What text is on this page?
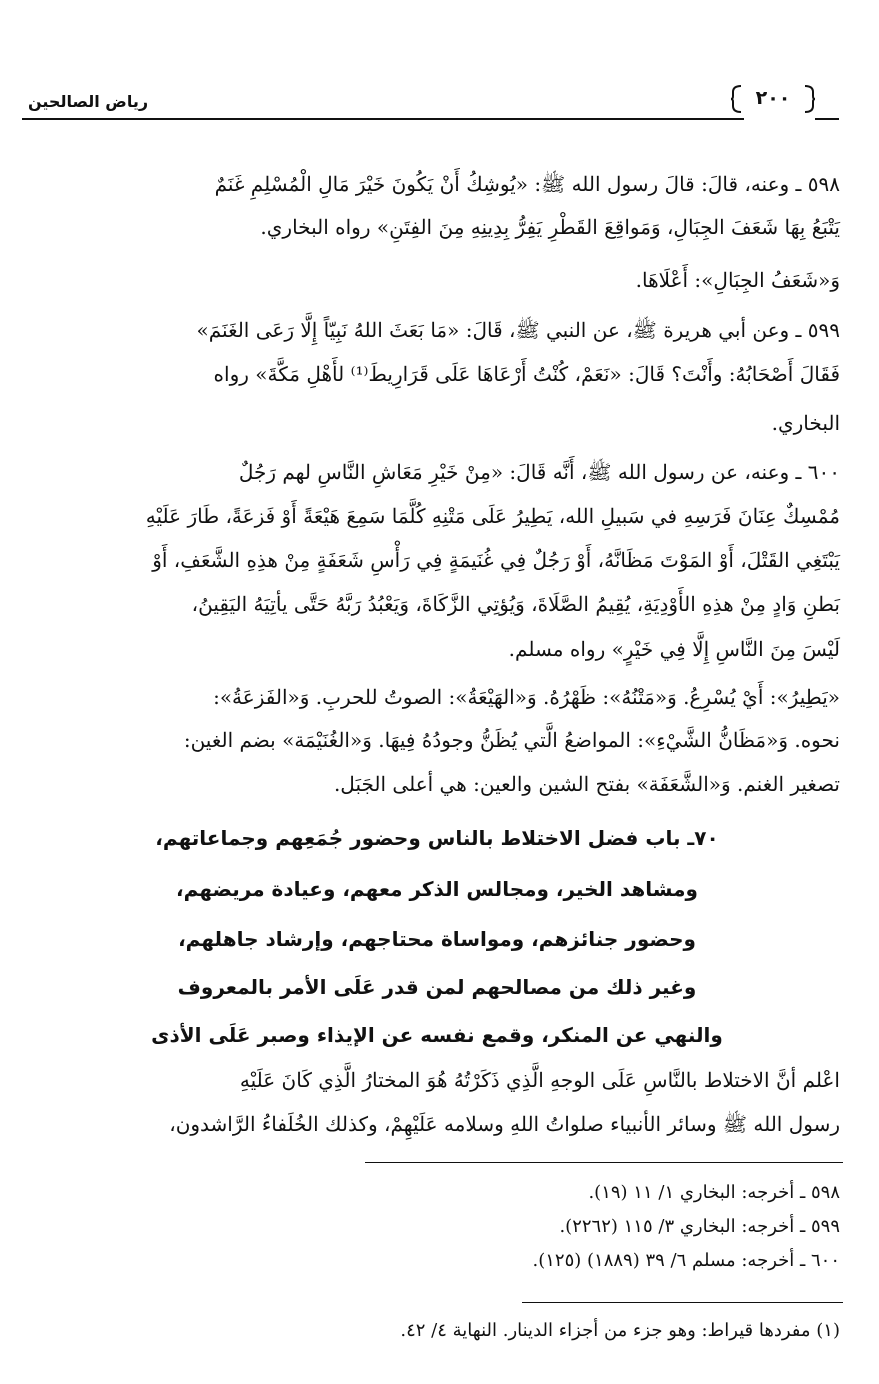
رياض الصالحين	٢٠٠
٥٩٨ ـ وعنه، قالَ: قالَ رسول الله ﷺ: «يُوشِكُ أَنْ يَكُونَ خَيْرَ مَالِ الْمُسْلِمِ غَنَمٌ
يَتْبَعُ بِهَا شَعَفَ الجِبَالِ، وَمَواقِعَ القَطْرِ يَفِرُّ بِدِينِهِ مِنَ الفِتَنِ» رواه البخاري.
وَ«شَعَفُ الجِبَالِ»: أَعْلَاهَا.
٥٩٩ ـ وعن أبي هريرة ﷺ، عن النبي ﷺ، قَالَ: «مَا بَعَثَ اللهُ نَبِيّاً إِلَّا رَعَى الغَنَمَ»
فَقَالَ أَصْحَابُهُ: وأَنْتَ؟ قَالَ: «نَعَمْ، كُنْتُ أَرْعَاهَا عَلَى قَرَارِيطَ⁽¹⁾ لأَهْلِ مَكَّةَ» رواه
البخاري.
٦٠٠ ـ وعنه، عن رسول الله ﷺ، أَنَّه قَالَ: «مِنْ خَيْرِ مَعَاشِ النَّاسِ لهم رَجُلٌ
مُمْسِكٌ عِنَانَ فَرَسِهِ في سَبيلِ الله، يَطِيرُ عَلَى مَتْنِهِ كُلَّمَا سَمِعَ هَيْعَةً أَوْ فَزعَةً، طَارَ عَلَيْهِ
يَبْتَغِي القَتْلَ، أَوْ المَوْتَ مَظَانَّهُ، أَوْ رَجُلٌ فِي غُنَيمَةٍ فِي رَأْسِ شَعَفَةٍ مِنْ هذِهِ الشَّعَفِ، أَوْ
بَطنِ وَادٍ مِنْ هذِهِ الأَوْدِيَةِ، يُقِيمُ الصَّلَاةَ، وَيُؤتِي الزَّكَاةَ، وَيَعْبُدُ رَبَّهُ حَتَّى يأتِيَهُ اليَقِينُ،
لَيْسَ مِنَ النَّاسِ إِلَّا فِي خَيْرٍ» رواه مسلم.
«يَطِيرُ»: أَيْ يُسْرِعُ. وَ«مَتْنُهُ»: ظَهْرُهُ. وَ«الهَيْعَةُ»: الصوتُ للحربِ. وَ«الفَزعَةُ»:
نحوه. وَ«مَظَانُّ الشَّيْءِ»: المواضعُ الَّتي يُظَنُّ وجودُهُ فِيهَا. وَ«الغُنَيْمَة» بضم الغين:
تصغير الغنم. وَ«الشَّعَفَة» بفتح الشين والعين: هي أعلى الجَبَل.
٧٠ـ باب فضل الاختلاط بالناس وحضور جُمَعِهم وجماعاتهم،
ومشاهد الخير، ومجالس الذكر معهم، وعيادة مريضهم،
وحضور جنائزهم، ومواساة محتاجهم، وإرشاد جاهلهم،
وغير ذلك من مصالحهم لمن قدر عَلَى الأمر بالمعروف
والنهي عن المنكر، وقمع نفسه عن الإيذاء وصبر عَلَى الأذى
اعْلم أنَّ الاختلاط بالنَّاسِ عَلَى الوجهِ الَّذِي ذَكَرْتُهُ هُوَ المختارُ الَّذِي كَانَ عَلَيْهِ
رسول الله ﷺ وسائر الأنبياء صلواتُ اللهِ وسلامه عَلَيْهِمْ، وكذلك الخُلَفاءُ الرَّاشدون،
٥٩٨ ـ أخرجه: البخاري ١/ ١١ (١٩).
٥٩٩ ـ أخرجه: البخاري ٣/ ١١٥ (٢٢٦٢).
٦٠٠ ـ أخرجه: مسلم ٦/ ٣٩ (١٨٨٩) (١٢٥).
(١) مفردها قيراط: وهو جزء من أجزاء الدينار. النهاية ٤/ ٤٢.
